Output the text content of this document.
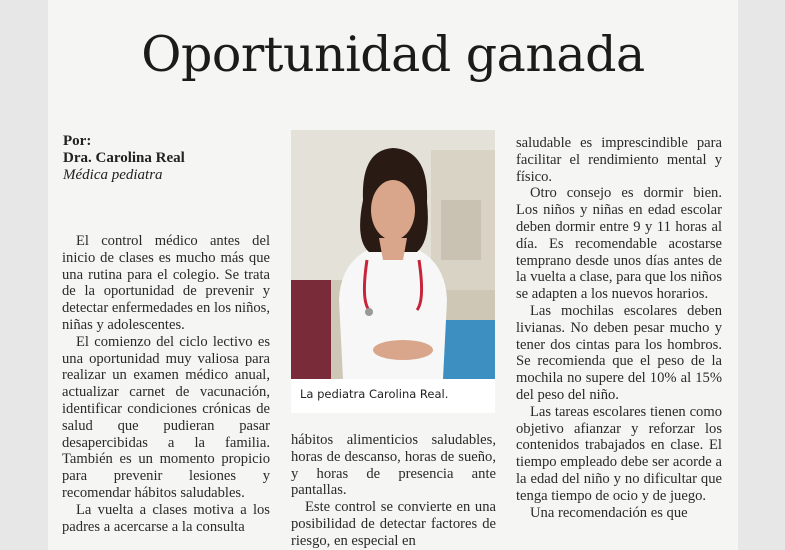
Oportunidad ganada
Por:
Dra. Carolina Real
Médica pediatra

El control médico antes del inicio de clases es mucho más que una rutina para el colegio. Se trata de la oportunidad de prevenir y detectar enfermedades en los niños, niñas y adolescentes.

El comienzo del ciclo lectivo es una oportunidad muy valiosa para realizar un examen médico anual, actualizar carnet de vacunación, identificar condiciones crónicas de salud que pudieran pasar desapercibidas a la familia. También es un momento propicio para prevenir lesiones y recomendar hábitos saludables.

La vuelta a clases motiva a los padres a acercarse a la consulta

La pediatra Carolina Real.

hábitos alimenticios saludables, horas de descanso, horas de sueño, y horas de presencia ante pantallas.

Este control se convierte en una posibilidad de detectar factores de riesgo, en especial en

saludable es imprescindible para facilitar el rendimiento mental y físico.

Otro consejo es dormir bien. Los niños y niñas en edad escolar deben dormir entre 9 y 11 horas al día. Es recomendable acostarse temprano desde unos días antes de la vuelta a clase, para que los niños se adapten a los nuevos horarios.

Las mochilas escolares deben livianas. No deben pesar mucho y tener dos cintas para los hombros. Se recomienda que el peso de la mochila no supere del 10% al 15% del peso del niño.

Las tareas escolares tienen como objetivo afianzar y reforzar los contenidos trabajados en clase. El tiempo empleado debe ser acorde a la edad del niño y no dificultar que tenga tiempo de ocio y de juego.

Una recomendación es que
